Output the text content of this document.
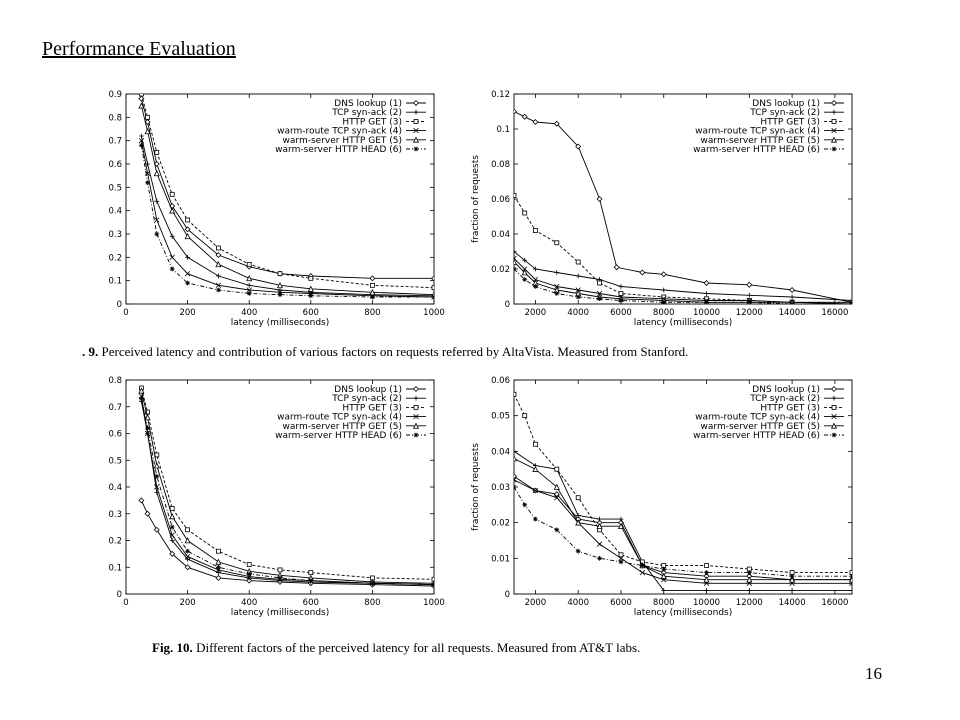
Performance Evaluation
0
0.1
0.2
0.3
0.4
0.5
0.6
0.7
0.8
0.9
0	200	400	600	800	1000
latency (milliseconds)
DNS lookup (1)
TCP syn-ack (2)
HTTP GET (3)
warm-route TCP syn-ack (4)
warm-server HTTP GET (5)
warm-server HTTP HEAD (6)
0
0.02
0.04
0.06
0.08
0.1
0.12
2000 4000 6000 8000 10000 12000 14000 16000
latency (milliseconds)
fraction of requests
DNS lookup (1)
TCP syn-ack (2)
HTTP GET (3)
warm-route TCP syn-ack (4)
warm-server HTTP GET (5)
warm-server HTTP HEAD (6)
. 9. Perceived latency and contribution of various factors on requests referred by AltaVista. Measured from Stanford.
0
0.1
0.2
0.3
0.4
0.5
0.6
0.7
0.8
0	200	400	600	800	1000
latency (milliseconds)
DNS lookup (1)
TCP syn-ack (2)
HTTP GET (3)
warm-route TCP syn-ack (4)
warm-server HTTP GET (5)
warm-server HTTP HEAD (6)
0
0.01
0.02
0.03
0.04
0.05
0.06
2000 4000 6000 8000 10000 12000 14000 16000
latency (milliseconds)
fraction of requests
DNS lookup (1)
TCP syn-ack (2)
HTTP GET (3)
warm-route TCP syn-ack (4)
warm-server HTTP GET (5)
warm-server HTTP HEAD (6)
Fig. 10. Different factors of the perceived latency for all requests. Measured from AT&T labs.
16
